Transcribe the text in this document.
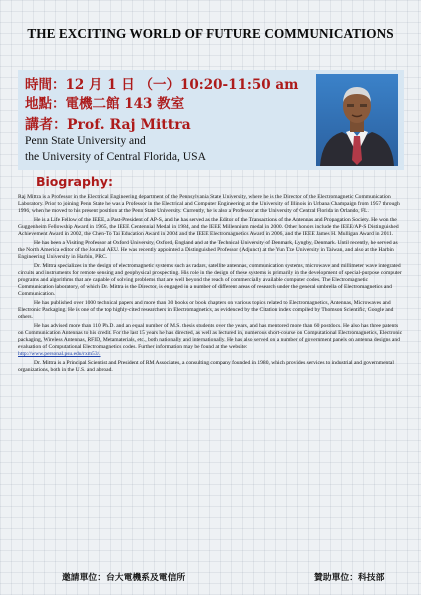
THE EXCITING WORLD OF FUTURE COMMUNICATIONS
時間：12 月 1 日 （一）10:20-11:50 am
地點：電機二館 143 教室
講者：Prof. Raj Mittra
Penn State University and
the University of Central Florida, USA
Biography:

Raj Mittra is a Professor in the Electrical Engineering department of the Pennsylvania State University, where he is the Director of the Electromagnetic Communication Laboratory. Prior to joining Penn State he was a Professor in the Electrical and Computer Engineering at the University of Illinois in Urbana Champaign from 1957 through 1996, when he moved to his present position at the Penn State University. Currently, he is also a Professor at the University of Central Florida in Orlando, FL.

He is a Life Fellow of the IEEE, a Past-President of AP-S, and he has served as the Editor of the Transactions of the Antennas and Propagation Society. He won the Guggenheim Fellowship Award in 1965, the IEEE Centennial Medal in 1984, and the IEEE Millennium medal in 2000. Other honors include the IEEE/AP-S Distinguished Achievement Award in 2002, the Chen-To Tai Education Award in 2004 and the IEEE Electromagnetics Award in 2006, and the IEEE James H. Mulligan Award in 2011.

He has been a Visiting Professor at Oxford University, Oxford, England and at the Technical University of Denmark, Lyngby, Denmark. Until recently, he served as the North America editor of the Journal AEU. He was recently appointed a Distinguished Professor (Adjunct) at the Yun Tze University in Taiwan, and also at the Harbin Engineering University in Harbin, PRC.

Dr. Mittra specializes in the design of electromagnetic systems such as radars, satellite antennas, communication systems, microwave and millimeter wave integrated circuits and instruments for remote sensing and geophysical prospecting. His role in the design of these systems is primarily in the development of special-purpose computer programs and algorithms that are capable of solving problems that are well beyond the reach of commercially available computer codes. The Electromagnetic Communication laboratory, of which Dr. Mittra is the Director, is engaged in a number of different areas of research under the general umbrella of Electromagnetics and Communication.

He has published over 1000 technical papers and more than 30 books or book chapters on various topics related to Electromagnetics, Antennas, Microwaves and Electronic Packaging. He is one of the top highly-cited researchers in Electromagnetics, as evidenced by the Citation index compiled by Thomson Scientific, Google and others.

He has advised more than 110 Ph.D. and an equal number of M.S. thesis students over the years, and has mentored more than 60 postdocs. He also has three patents on Communication Antennas to his credit. For the last 15 years he has directed, as well as lectured in, numerous short-course on Computational Electromagnetics, Electronic packaging, Wireless Antennas, RFID, Metamaterials, etc., both nationally and internationally. He has also served on a number of government panels on antenna designs and evaluation of Computational Electromagnetics codes. Further information may be found at the website:
http://www.personal.psu.edu/rxm53/.

Dr. Mittra is a Principal Scientist and President of RM Associates, a consulting company founded in 1980, which provides services to industrial and governmental organizations, both in the U.S. and abroad.

邀請單位：台大電機系及電信所	贊助單位：科技部
